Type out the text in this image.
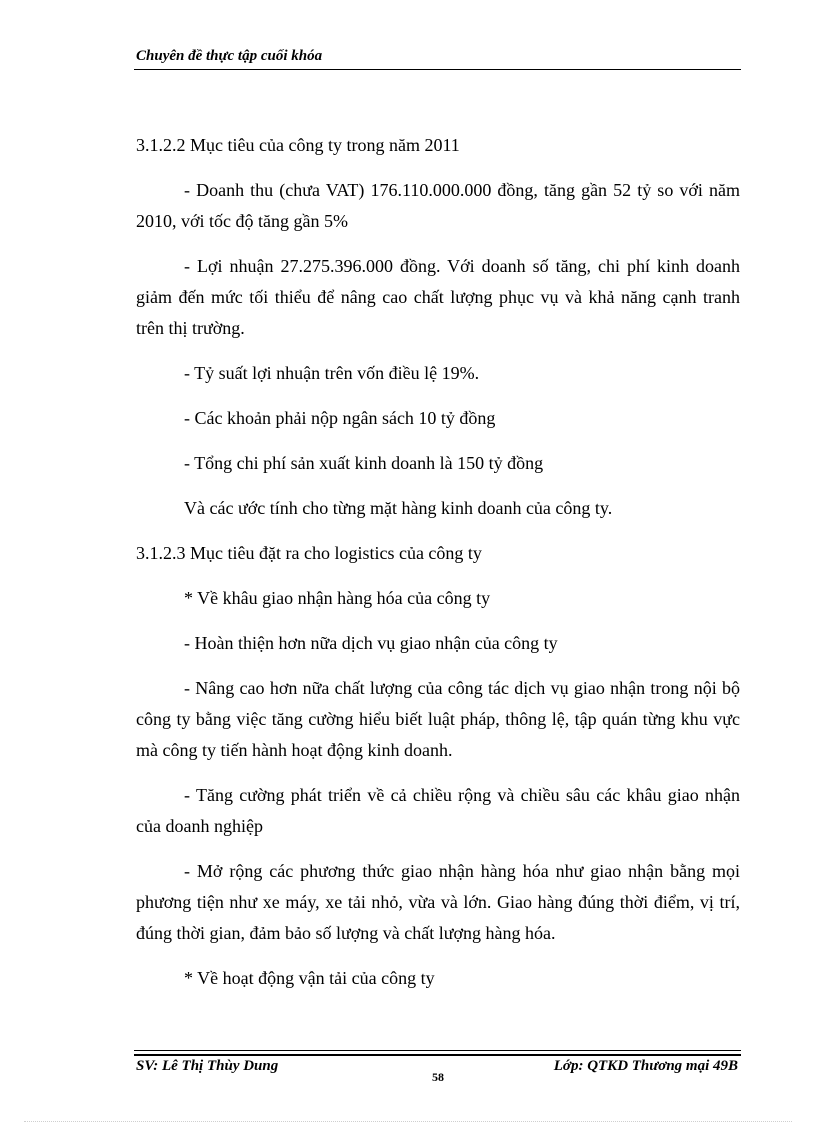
Chuyên đề thực tập cuối khóa

3.1.2.2 Mục tiêu của công ty trong năm 2011

- Doanh thu (chưa VAT) 176.110.000.000 đồng, tăng gần 52 tỷ so với năm 2010, với tốc độ tăng gần 5%

- Lợi nhuận 27.275.396.000 đồng. Với doanh số tăng, chi phí kinh doanh giảm đến mức tối thiểu để nâng cao chất lượng phục vụ và khả năng cạnh tranh trên thị trường.

- Tỷ suất lợi nhuận trên vốn điều lệ 19%.

- Các khoản phải nộp ngân sách 10 tỷ đồng

- Tổng chi phí sản xuất kinh doanh là 150 tỷ đồng

Và các ước tính cho từng mặt hàng kinh doanh của công ty.

3.1.2.3 Mục tiêu đặt ra cho logistics của công ty

* Về khâu giao nhận hàng hóa của công ty

- Hoàn thiện hơn nữa dịch vụ giao nhận của công ty

- Nâng cao hơn nữa chất lượng của công tác dịch vụ giao nhận trong nội bộ công ty bằng việc tăng cường hiểu biết luật pháp, thông lệ, tập quán từng khu vực mà công ty tiến hành hoạt động kinh doanh.

- Tăng cường phát triển về cả chiều rộng và chiều sâu các khâu giao nhận của doanh nghiệp

- Mở rộng các phương thức giao nhận hàng hóa như giao nhận bằng mọi phương tiện như xe máy, xe tải nhỏ, vừa và lớn. Giao hàng đúng thời điểm, vị trí, đúng thời gian, đảm bảo số lượng và chất lượng hàng hóa.

* Về hoạt động vận tải của công ty

SV: Lê Thị Thùy Dung
58
Lớp: QTKD Thương mại 49B
